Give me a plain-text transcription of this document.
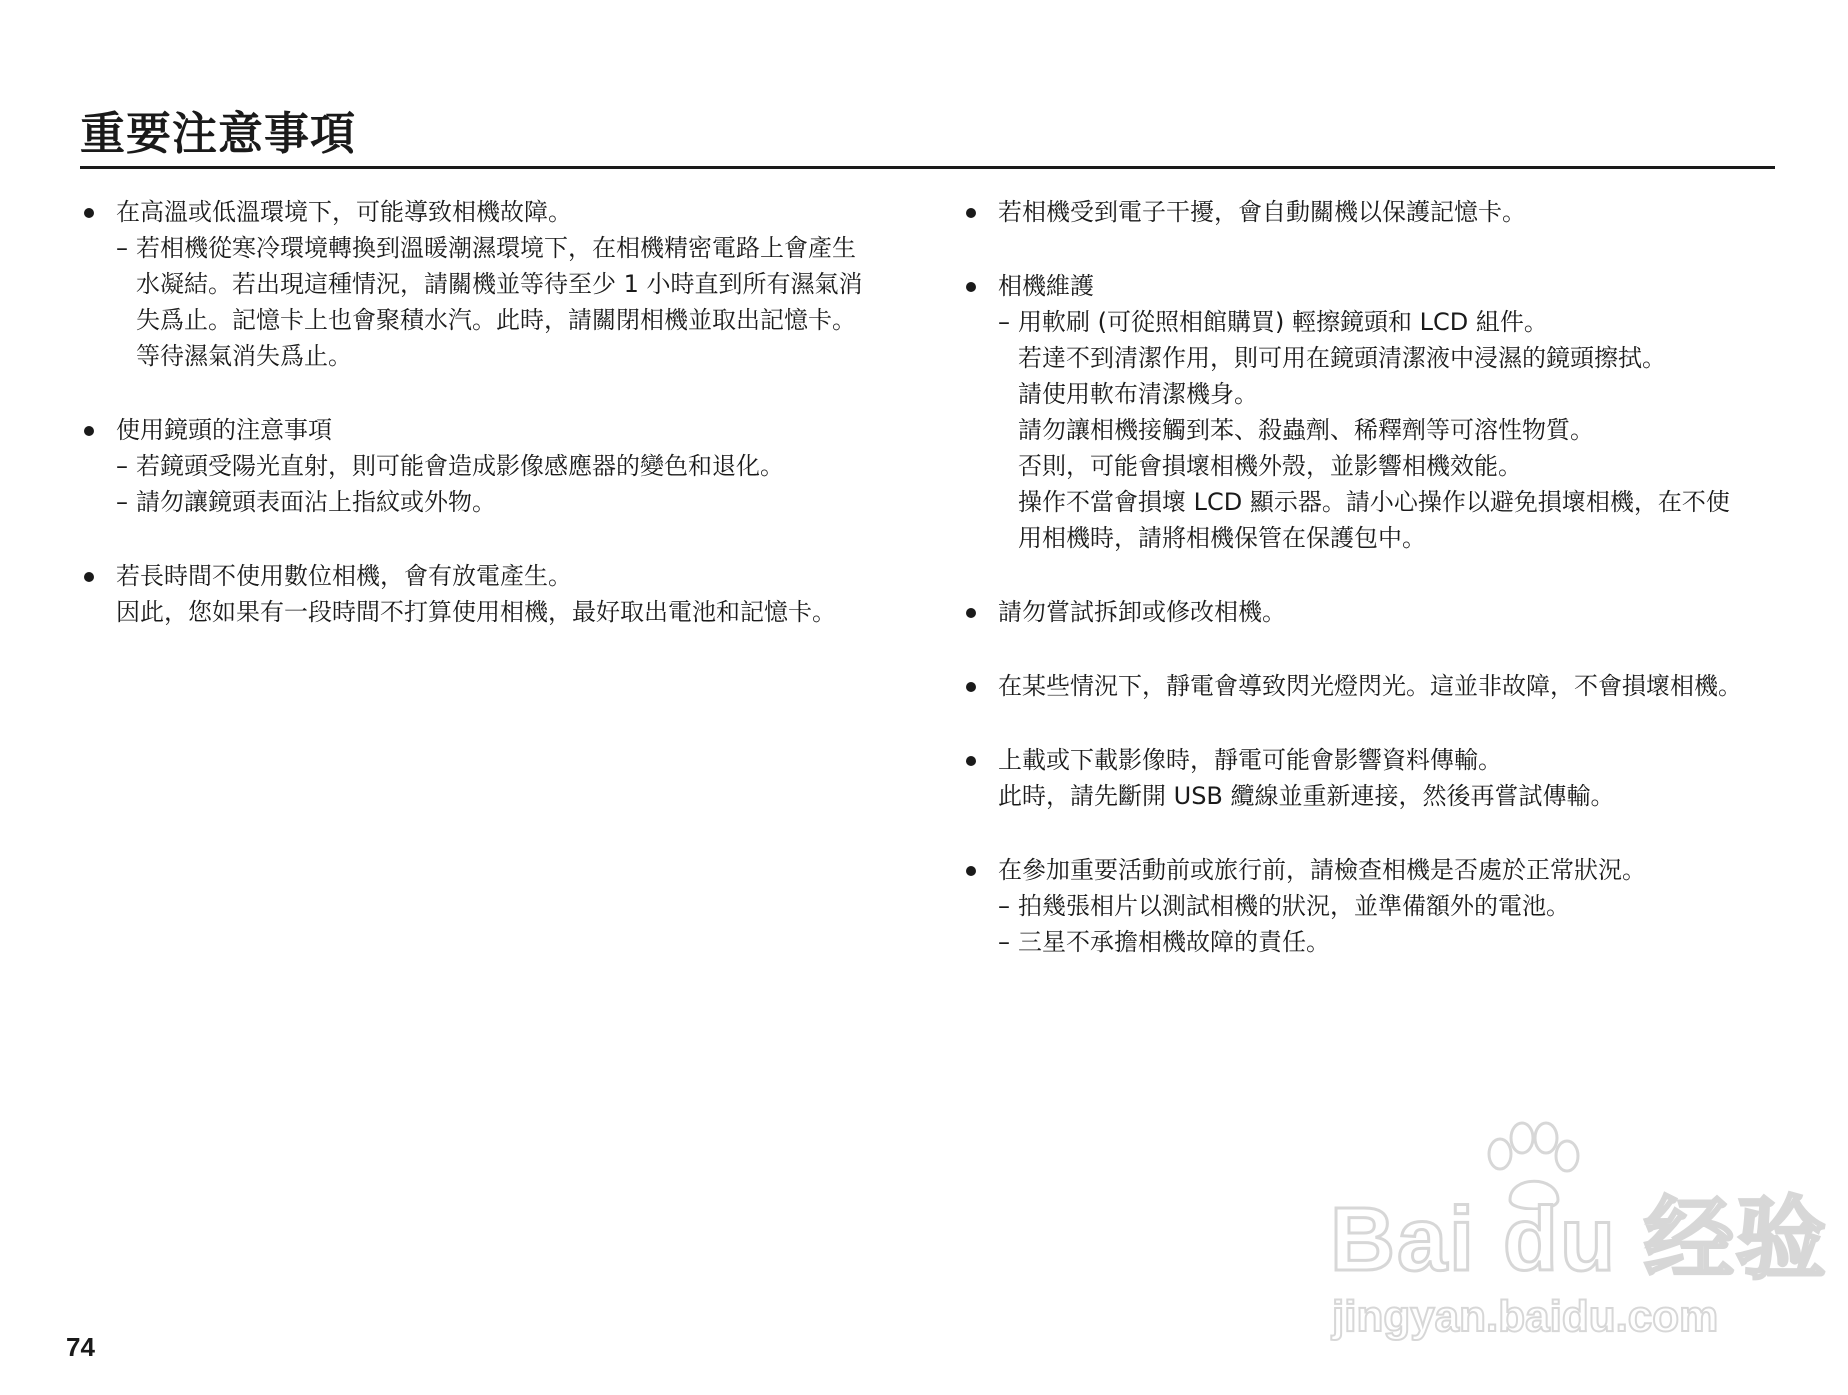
重要注意事項
在高溫或低溫環境下，可能導致相機故障。
– 若相機從寒冷環境轉換到溫暖潮濕環境下，在相機精密電路上會產生
水凝結。若出現這種情況，請關機並等待至少 1 小時直到所有濕氣消
失爲止。記憶卡上也會聚積水汽。此時，請關閉相機並取出記憶卡。
等待濕氣消失爲止。
使用鏡頭的注意事項
– 若鏡頭受陽光直射，則可能會造成影像感應器的變色和退化。
– 請勿讓鏡頭表面沾上指紋或外物。
若長時間不使用數位相機，會有放電產生。
因此，您如果有一段時間不打算使用相機，最好取出電池和記憶卡。
若相機受到電子干擾，會自動關機以保護記憶卡。
相機維護
– 用軟刷 (可從照相館購買) 輕擦鏡頭和 LCD 組件。
若達不到清潔作用，則可用在鏡頭清潔液中浸濕的鏡頭擦拭。
請使用軟布清潔機身。
請勿讓相機接觸到苯、殺蟲劑、稀釋劑等可溶性物質。
否則，可能會損壞相機外殼，並影響相機效能。
操作不當會損壞 LCD 顯示器。請小心操作以避免損壞相機，在不使
用相機時，請將相機保管在保護包中。
請勿嘗試拆卸或修改相機。
在某些情況下，靜電會導致閃光燈閃光。這並非故障，不會損壞相機。
上載或下載影像時，靜電可能會影響資料傳輸。
此時，請先斷開 USB 纜線並重新連接，然後再嘗試傳輸。
在參加重要活動前或旅行前，請檢查相機是否處於正常狀況。
– 拍幾張相片以測試相機的狀況，並準備額外的電池。
– 三星不承擔相機故障的責任。
74
Bai du 经验
jingyan.baidu.com
